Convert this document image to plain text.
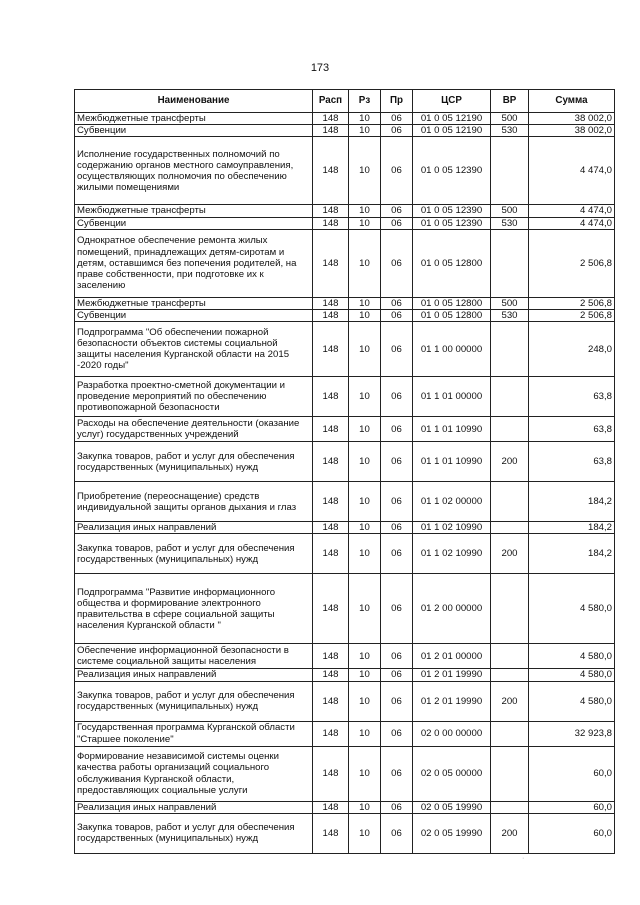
173
Наименование	Расп	Рз	Пр	ЦСР	ВР	Сумма
Межбюджетные трансферты	148	10	06	01 0 05 12190	500	38 002,0
Субвенции	148	10	06	01 0 05 12190	530	38 002,0
Исполнение государственных полномочий по содержанию органов местного самоуправления, осуществляющих полномочия по обеспечению жилыми помещениями	148	10	06	01 0 05 12390		4 474,0
Межбюджетные трансферты	148	10	06	01 0 05 12390	500	4 474,0
Субвенции	148	10	06	01 0 05 12390	530	4 474,0
Однократное обеспечение ремонта жилых помещений, принадлежащих детям-сиротам и детям, оставшимся без попечения родителей, на праве собственности, при подготовке их к заселению	148	10	06	01 0 05 12800		2 506,8
Межбюджетные трансферты	148	10	06	01 0 05 12800	500	2 506,8
Субвенции	148	10	06	01 0 05 12800	530	2 506,8
Подпрограмма "Об обеспечении пожарной безопасности объектов системы социальной защиты населения Курганской области на 2015 -2020 годы"	148	10	06	01 1 00 00000		248,0
Разработка проектно-сметной документации и проведение мероприятий по обеспечению противопожарной безопасности	148	10	06	01 1 01 00000		63,8
Расходы на обеспечение деятельности (оказание услуг) государственных учреждений	148	10	06	01 1 01 10990		63,8
Закупка товаров, работ и услуг для обеспечения государственных (муниципальных) нужд	148	10	06	01 1 01 10990	200	63,8
Приобретение (переоснащение) средств индивидуальной защиты органов дыхания и глаз	148	10	06	01 1 02 00000		184,2
Реализация иных направлений	148	10	06	01 1 02 10990		184,2
Закупка товаров, работ и услуг для обеспечения государственных (муниципальных) нужд	148	10	06	01 1 02 10990	200	184,2
Подпрограмма "Развитие информационного общества и формирование электронного правительства в сфере социальной защиты населения Курганской области "	148	10	06	01 2 00 00000		4 580,0
Обеспечение информационной безопасности в системе социальной защиты населения	148	10	06	01 2 01 00000		4 580,0
Реализация иных направлений	148	10	06	01 2 01 19990		4 580,0
Закупка товаров, работ и услуг для обеспечения государственных (муниципальных) нужд	148	10	06	01 2 01 19990	200	4 580,0
Государственная программа Курганской области "Старшее поколение"	148	10	06	02 0 00 00000		32 923,8
Формирование независимой системы оценки качества работы организаций социального обслуживания Курганской области, предоставляющих социальные услуги	148	10	06	02 0 05 00000		60,0
Реализация иных направлений	148	10	06	02 0 05 19990		60,0
Закупка товаров, работ и услуг для обеспечения государственных (муниципальных) нужд	148	10	06	02 0 05 19990	200	60,0
·
